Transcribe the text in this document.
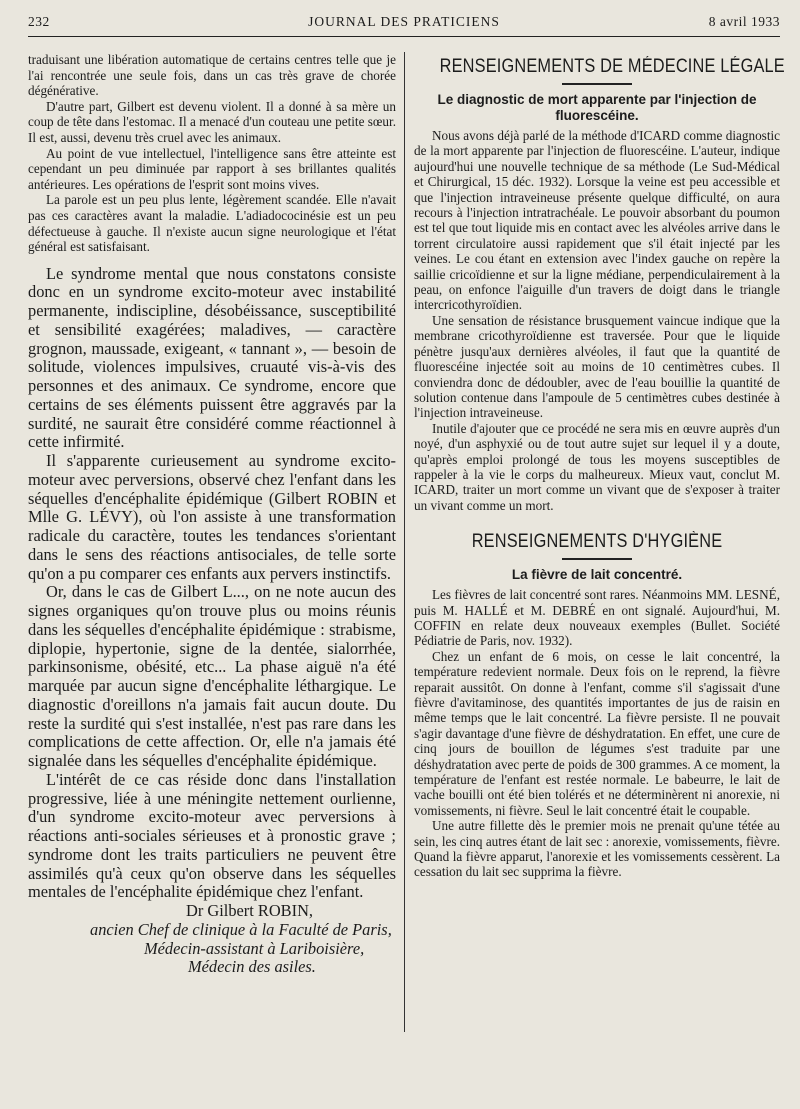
232	JOURNAL DES PRATICIENS	8 avril 1933

traduisant une libération automatique de certains centres telle que je l'ai rencontrée une seule fois, dans un cas très grave de chorée dégénérative.

D'autre part, Gilbert est devenu violent. Il a donné à sa mère un coup de tête dans l'estomac. Il a menacé d'un couteau une petite sœur. Il est, aussi, devenu très cruel avec les animaux.

Au point de vue intellectuel, l'intelligence sans être atteinte est cependant un peu diminuée par rapport à ses brillantes qualités antérieures. Les opérations de l'esprit sont moins vives.

La parole est un peu plus lente, légèrement scandée. Elle n'avait pas ces caractères avant la maladie. L'adiadococinésie est un peu défectueuse à gauche. Il n'existe aucun signe neurologique et l'état général est satisfaisant.

Le syndrome mental que nous constatons consiste donc en un syndrome excito-moteur avec instabilité permanente, indiscipline, désobéissance, susceptibilité et sensibilité exagérées; maladives, — caractère grognon, maussade, exigeant, « tannant », — besoin de solitude, violences impulsives, cruauté vis-à-vis des personnes et des animaux. Ce syndrome, encore que certains de ses éléments puissent être aggravés par la surdité, ne saurait être considéré comme réactionnel à cette infirmité.

Il s'apparente curieusement au syndrome excito-moteur avec perversions, observé chez l'enfant dans les séquelles d'encéphalite épidémique (Gilbert ROBIN et Mlle G. LÉVY), où l'on assiste à une transformation radicale du caractère, toutes les tendances s'orientant dans le sens des réactions antisociales, de telle sorte qu'on a pu comparer ces enfants aux pervers instinctifs.

Or, dans le cas de Gilbert L..., on ne note aucun des signes organiques qu'on trouve plus ou moins réunis dans les séquelles d'encéphalite épidémique : strabisme, diplopie, hypertonie, signe de la dentée, sialorrhée, parkinsonisme, obésité, etc... La phase aiguë n'a été marquée par aucun signe d'encéphalite léthargique. Le diagnostic d'oreillons n'a jamais fait aucun doute. Du reste la surdité qui s'est installée, n'est pas rare dans les complications de cette affection. Or, elle n'a jamais été signalée dans les séquelles d'encéphalite épidémique.

L'intérêt de ce cas réside donc dans l'installation progressive, liée à une méningite nettement ourlienne, d'un syndrome excito-moteur avec perversions à réactions anti-sociales sérieuses et à pronostic grave ; syndrome dont les traits particuliers ne peuvent être assimilés qu'à ceux qu'on observe dans les séquelles mentales de l'encéphalite épidémique chez l'enfant.

Dr Gilbert ROBIN,
ancien Chef de clinique à la Faculté de Paris,
Médecin-assistant à Lariboisière,
Médecin des asiles.
RENSEIGNEMENTS DE MÉDECINE LÉGALE
Le diagnostic de mort apparente par l'injection de fluorescéine.

Nous avons déjà parlé de la méthode d'ICARD comme diagnostic de la mort apparente par l'injection de fluorescéine. L'auteur, indique aujourd'hui une nouvelle technique de sa méthode (Le Sud-Médical et Chirurgical, 15 déc. 1932). Lorsque la veine est peu accessible et que l'injection intraveineuse présente quelque difficulté, on aura recours à l'injection intratrachéale. Le pouvoir absorbant du poumon est tel que tout liquide mis en contact avec les alvéoles arrive dans le torrent circulatoire aussi rapidement que s'il était injecté par les veines. Le cou étant en extension avec l'index gauche on repère la saillie cricoïdienne et sur la ligne médiane, perpendiculairement à la peau, on enfonce l'aiguille d'un travers de doigt dans le triangle intercricothyroïdien.

Une sensation de résistance brusquement vaincue indique que la membrane cricothyroïdienne est traversée. Pour que le liquide pénètre jusqu'aux dernières alvéoles, il faut que la quantité de fluorescéine injectée soit au moins de 10 centimètres cubes. Il conviendra donc de dédoubler, avec de l'eau bouillie la quantité de solution contenue dans l'ampoule de 5 centimètres cubes destinée à l'injection intraveineuse.

Inutile d'ajouter que ce procédé ne sera mis en œuvre auprès d'un noyé, d'un asphyxié ou de tout autre sujet sur lequel il y a doute, qu'après emploi prolongé de tous les moyens susceptibles de rappeler à la vie le corps du malheureux. Mieux vaut, conclut M. ICARD, traiter un mort comme un vivant que de s'exposer à traiter un vivant comme un mort.

RENSEIGNEMENTS D'HYGIÈNE
La fièvre de lait concentré.

Les fièvres de lait concentré sont rares. Néanmoins MM. LESNÉ, puis M. HALLÉ et M. DEBRÉ en ont signalé. Aujourd'hui, M. COFFIN en relate deux nouveaux exemples (Bullet. Société Pédiatrie de Paris, nov. 1932).

Chez un enfant de 6 mois, on cesse le lait concentré, la température redevient normale. Deux fois on le reprend, la fièvre reparait aussitôt. On donne à l'enfant, comme s'il s'agissait d'une fièvre d'avitaminose, des quantités importantes de jus de raisin en même temps que le lait concentré. La fièvre persiste. Il ne pouvait s'agir davantage d'une fièvre de déshydratation. En effet, une cure de cinq jours de bouillon de légumes s'est traduite par une déshydratation avec perte de poids de 300 grammes. A ce moment, la température de l'enfant est restée normale. Le babeurre, le lait de vache bouilli ont été bien tolérés et ne déterminèrent ni anorexie, ni vomissements, ni fièvre. Seul le lait concentré était le coupable.

Une autre fillette dès le premier mois ne prenait qu'une tétée au sein, les cinq autres étant de lait sec : anorexie, vomissements, fièvre. Quand la fièvre apparut, l'anorexie et les vomissements cessèrent. La cessation du lait sec supprima la fièvre.
